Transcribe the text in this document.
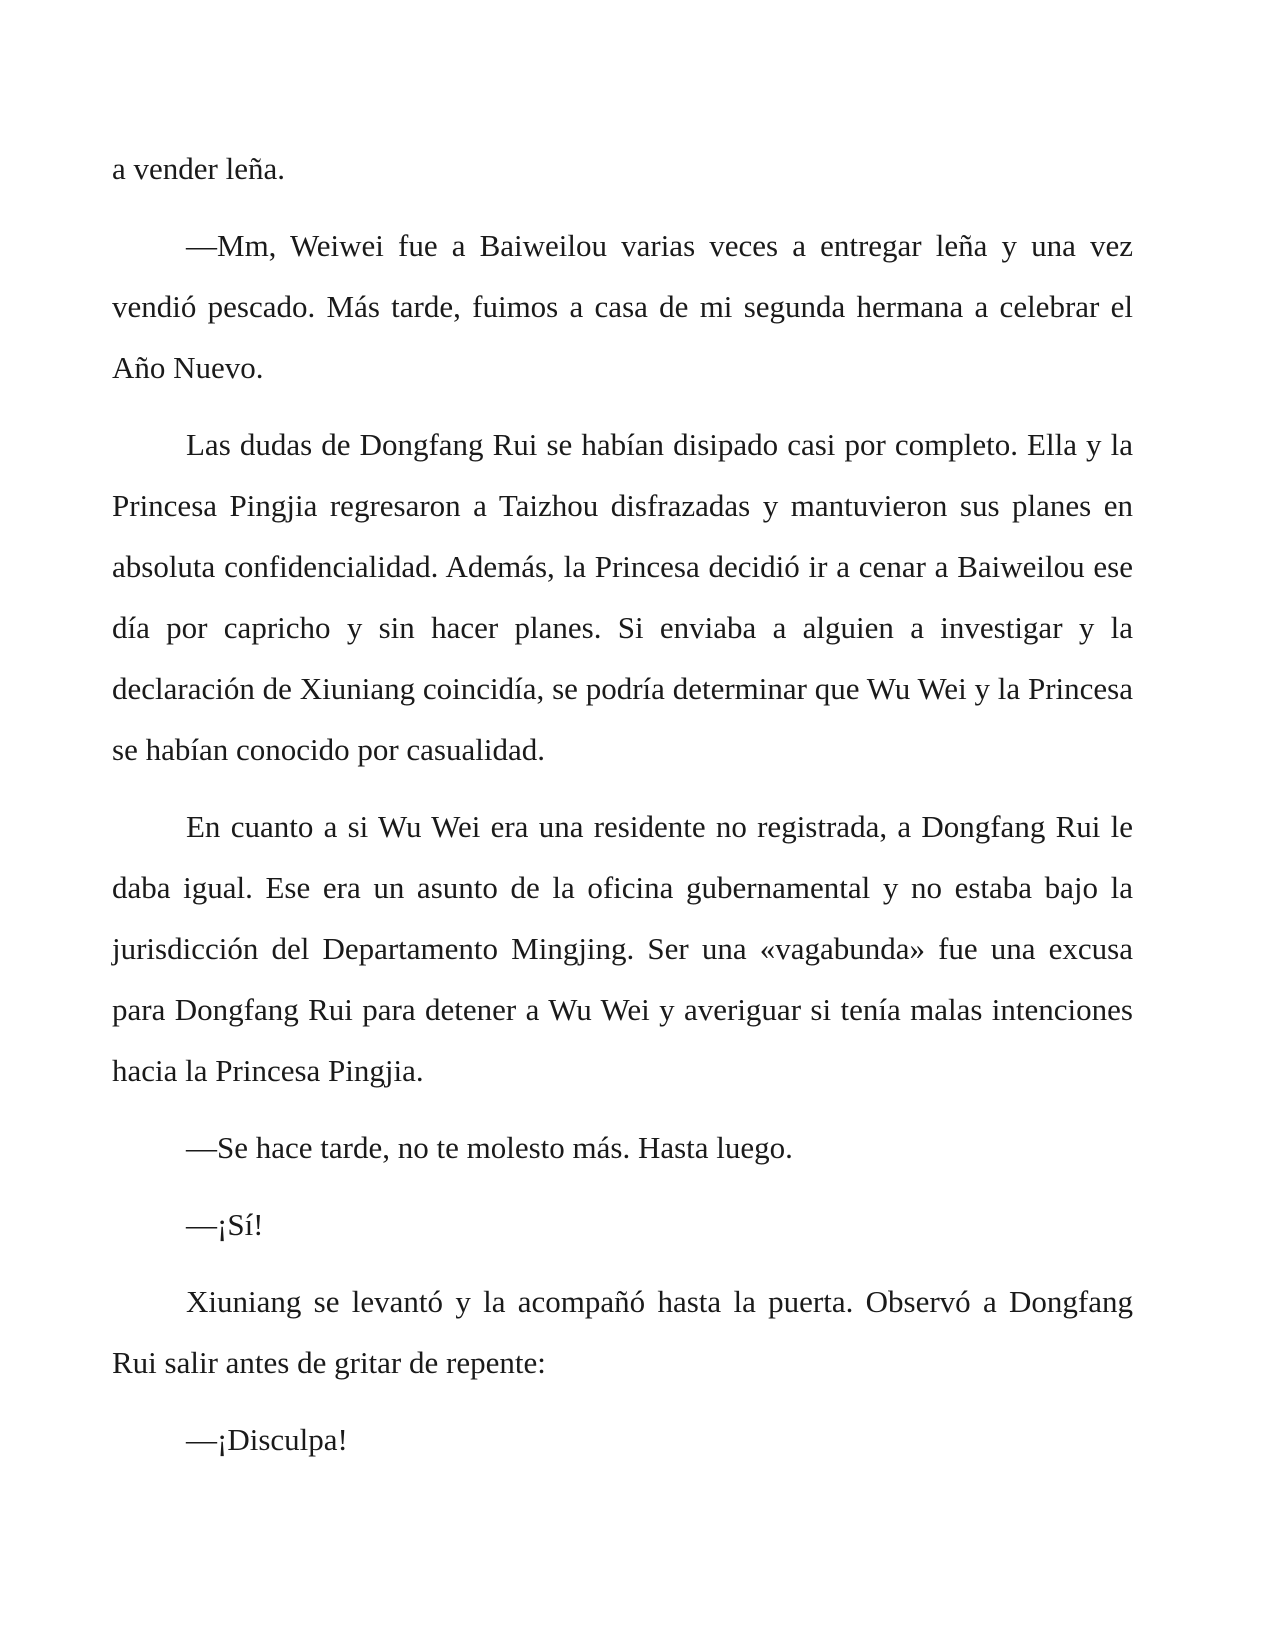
a vender leña.

—Mm, Weiwei fue a Baiweilou varias veces a entregar leña y una vez vendió pescado. Más tarde, fuimos a casa de mi segunda hermana a celebrar el Año Nuevo.

Las dudas de Dongfang Rui se habían disipado casi por completo. Ella y la Princesa Pingjia regresaron a Taizhou disfrazadas y mantuvieron sus planes en absoluta confidencialidad. Además, la Princesa decidió ir a cenar a Baiweilou ese día por capricho y sin hacer planes. Si enviaba a alguien a investigar y la declaración de Xiuniang coincidía, se podría determinar que Wu Wei y la Princesa se habían conocido por casualidad.

En cuanto a si Wu Wei era una residente no registrada, a Dongfang Rui le daba igual. Ese era un asunto de la oficina gubernamental y no estaba bajo la jurisdicción del Departamento Mingjing. Ser una «vagabunda» fue una excusa para Dongfang Rui para detener a Wu Wei y averiguar si tenía malas intenciones hacia la Princesa Pingjia.

—Se hace tarde, no te molesto más. Hasta luego.

—¡Sí!

Xiuniang se levantó y la acompañó hasta la puerta. Observó a Dongfang Rui salir antes de gritar de repente:

—¡Disculpa!
